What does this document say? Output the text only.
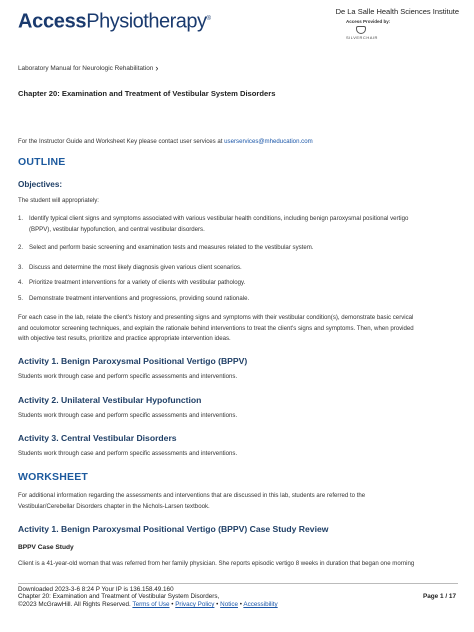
AccessPhysiotherapy®
De La Salle Health Sciences Institute
Access Provided by:
SILVERCHAIR
Laboratory Manual for Neurologic Rehabilitation ›
Chapter 20: Examination and Treatment of Vestibular System Disorders
For the Instructor Guide and Worksheet Key please contact user services at userservices@mheducation.com
OUTLINE
Objectives:
The student will appropriately:
1. Identify typical client signs and symptoms associated with various vestibular health conditions, including benign paroxysmal positional vertigo
(BPPV), vestibular hypofunction, and central vestibular disorders.
2. Select and perform basic screening and examination tests and measures related to the vestibular system.
3. Discuss and determine the most likely diagnosis given various client scenarios.
4. Prioritize treatment interventions for a variety of clients with vestibular pathology.
5. Demonstrate treatment interventions and progressions, providing sound rationale.
For each case in the lab, relate the client's history and presenting signs and symptoms with their vestibular condition(s), demonstrate basic cervical
and oculomotor screening techniques, and explain the rationale behind interventions to treat the client's signs and symptoms. Then, when provided
with objective test results, prioritize and practice appropriate intervention ideas.
Activity 1. Benign Paroxysmal Positional Vertigo (BPPV)
Students work through case and perform specific assessments and interventions.
Activity 2. Unilateral Vestibular Hypofunction
Students work through case and perform specific assessments and interventions.
Activity 3. Central Vestibular Disorders
Students work through case and perform specific assessments and interventions.
WORKSHEET
For additional information regarding the assessments and interventions that are discussed in this lab, students are referred to the
Vestibular/Cerebellar Disorders chapter in the Nichols-Larsen textbook.
Activity 1. Benign Paroxysmal Positional Vertigo (BPPV) Case Study Review
BPPV Case Study
Client is a 41-year-old woman that was referred from her family physician. She reports episodic vertigo 8 weeks in duration that began one morning
Downloaded 2023-3-6 8:24 P Your IP is 136.158.49.160
Chapter 20: Examination and Treatment of Vestibular System Disorders,
©2023 McGrawHill. All Rights Reserved. Terms of Use • Privacy Policy • Notice • Accessibility
Page 1 / 17
